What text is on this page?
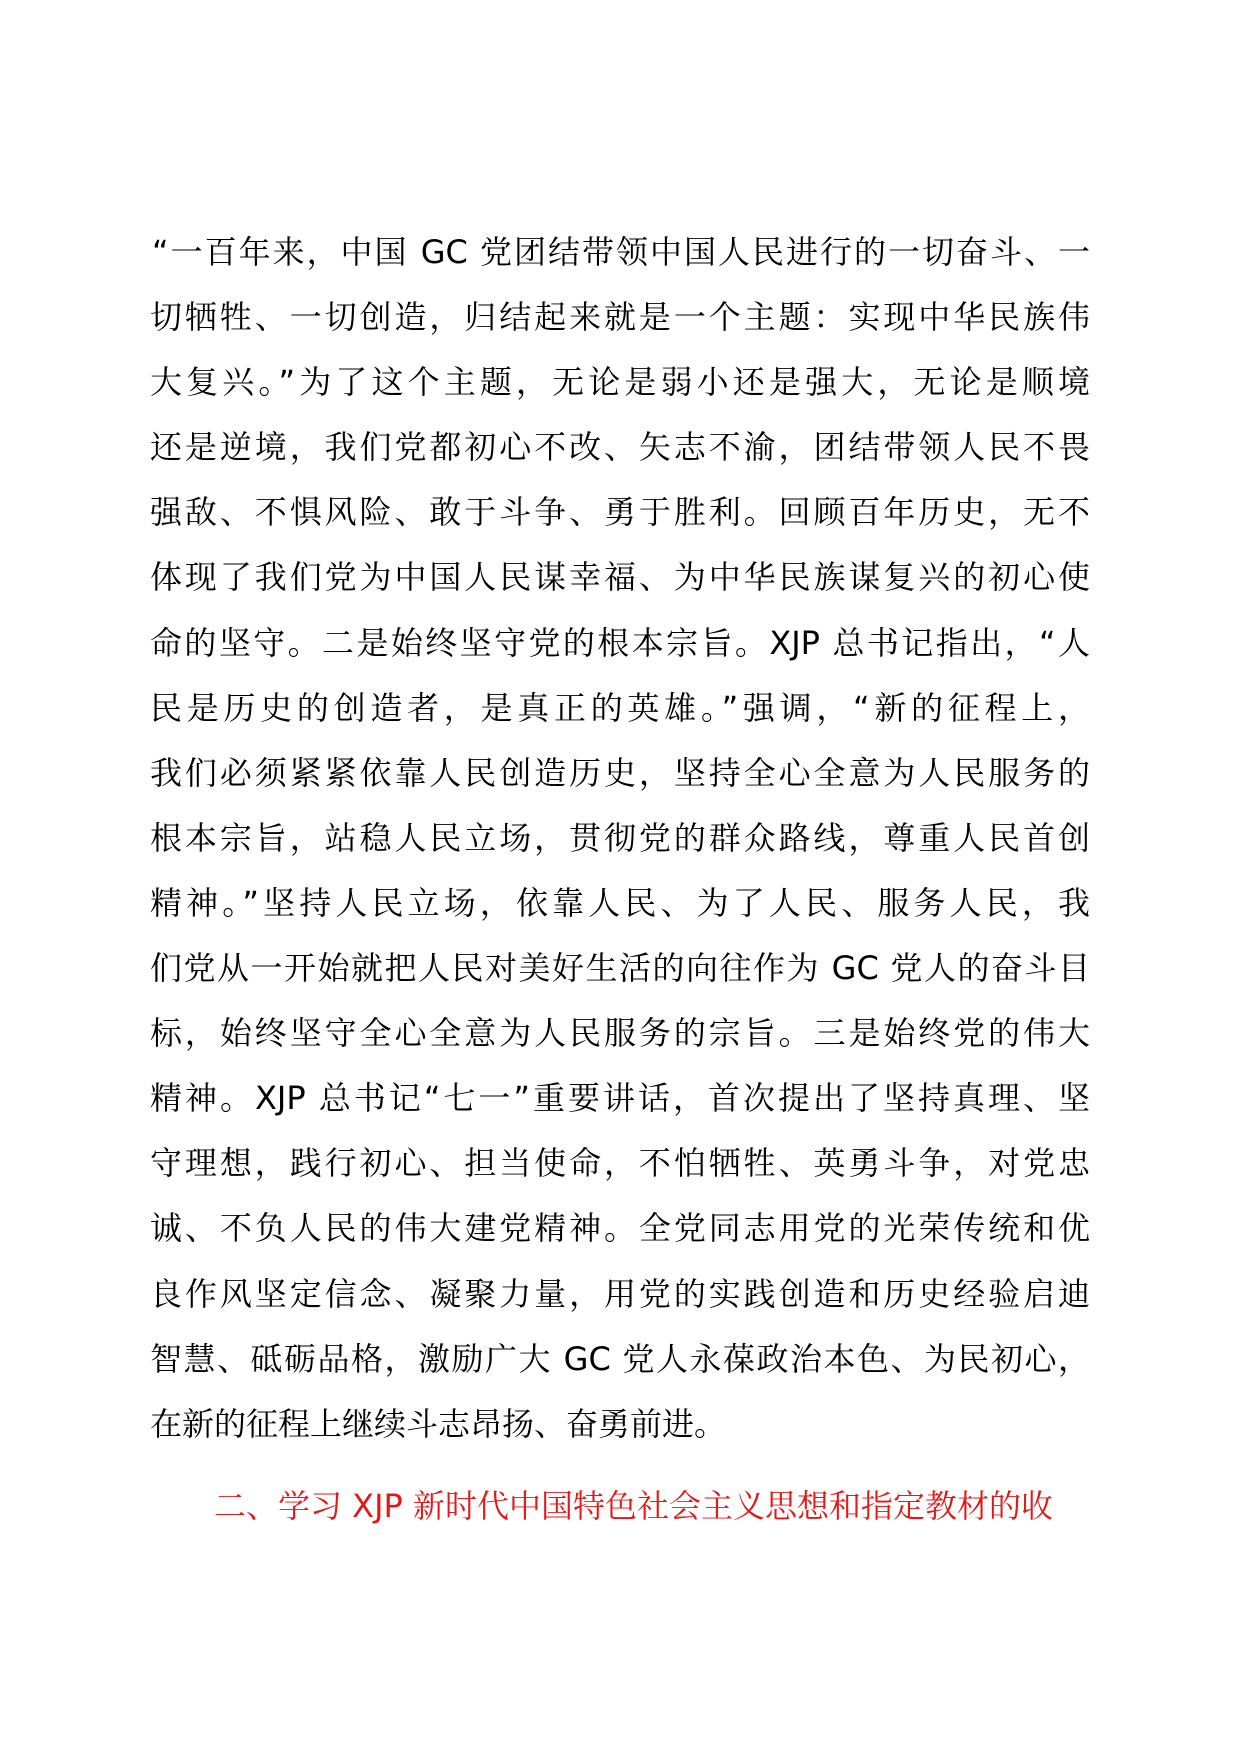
“一百年来，中国 GC 党团结带领中国人民进行的一切奋斗、一
切牺牲、一切创造，归结起来就是一个主题：实现中华民族伟
大复兴。”为了这个主题，无论是弱小还是强大，无论是顺境
还是逆境，我们党都初心不改、矢志不渝，团结带领人民不畏
强敌、不惧风险、敢于斗争、勇于胜利。回顾百年历史，无不
体现了我们党为中国人民谋幸福、为中华民族谋复兴的初心使
命的坚守。二是始终坚守党的根本宗旨。XJP 总书记指出，“人
民是历史的创造者，是真正的英雄。”强调，“新的征程上，
我们必须紧紧依靠人民创造历史，坚持全心全意为人民服务的
根本宗旨，站稳人民立场，贯彻党的群众路线，尊重人民首创
精神。”坚持人民立场，依靠人民、为了人民、服务人民，我
们党从一开始就把人民对美好生活的向往作为 GC 党人的奋斗目
标，始终坚守全心全意为人民服务的宗旨。三是始终党的伟大
精神。XJP 总书记“七一”重要讲话，首次提出了坚持真理、坚
守理想，践行初心、担当使命，不怕牺牲、英勇斗争，对党忠
诚、不负人民的伟大建党精神。全党同志用党的光荣传统和优
良作风坚定信念、凝聚力量，用党的实践创造和历史经验启迪
智慧、砥砺品格，激励广大 GC 党人永葆政治本色、为民初心，
在新的征程上继续斗志昂扬、奋勇前进。
二、学习 XJP 新时代中国特色社会主义思想和指定教材的收
